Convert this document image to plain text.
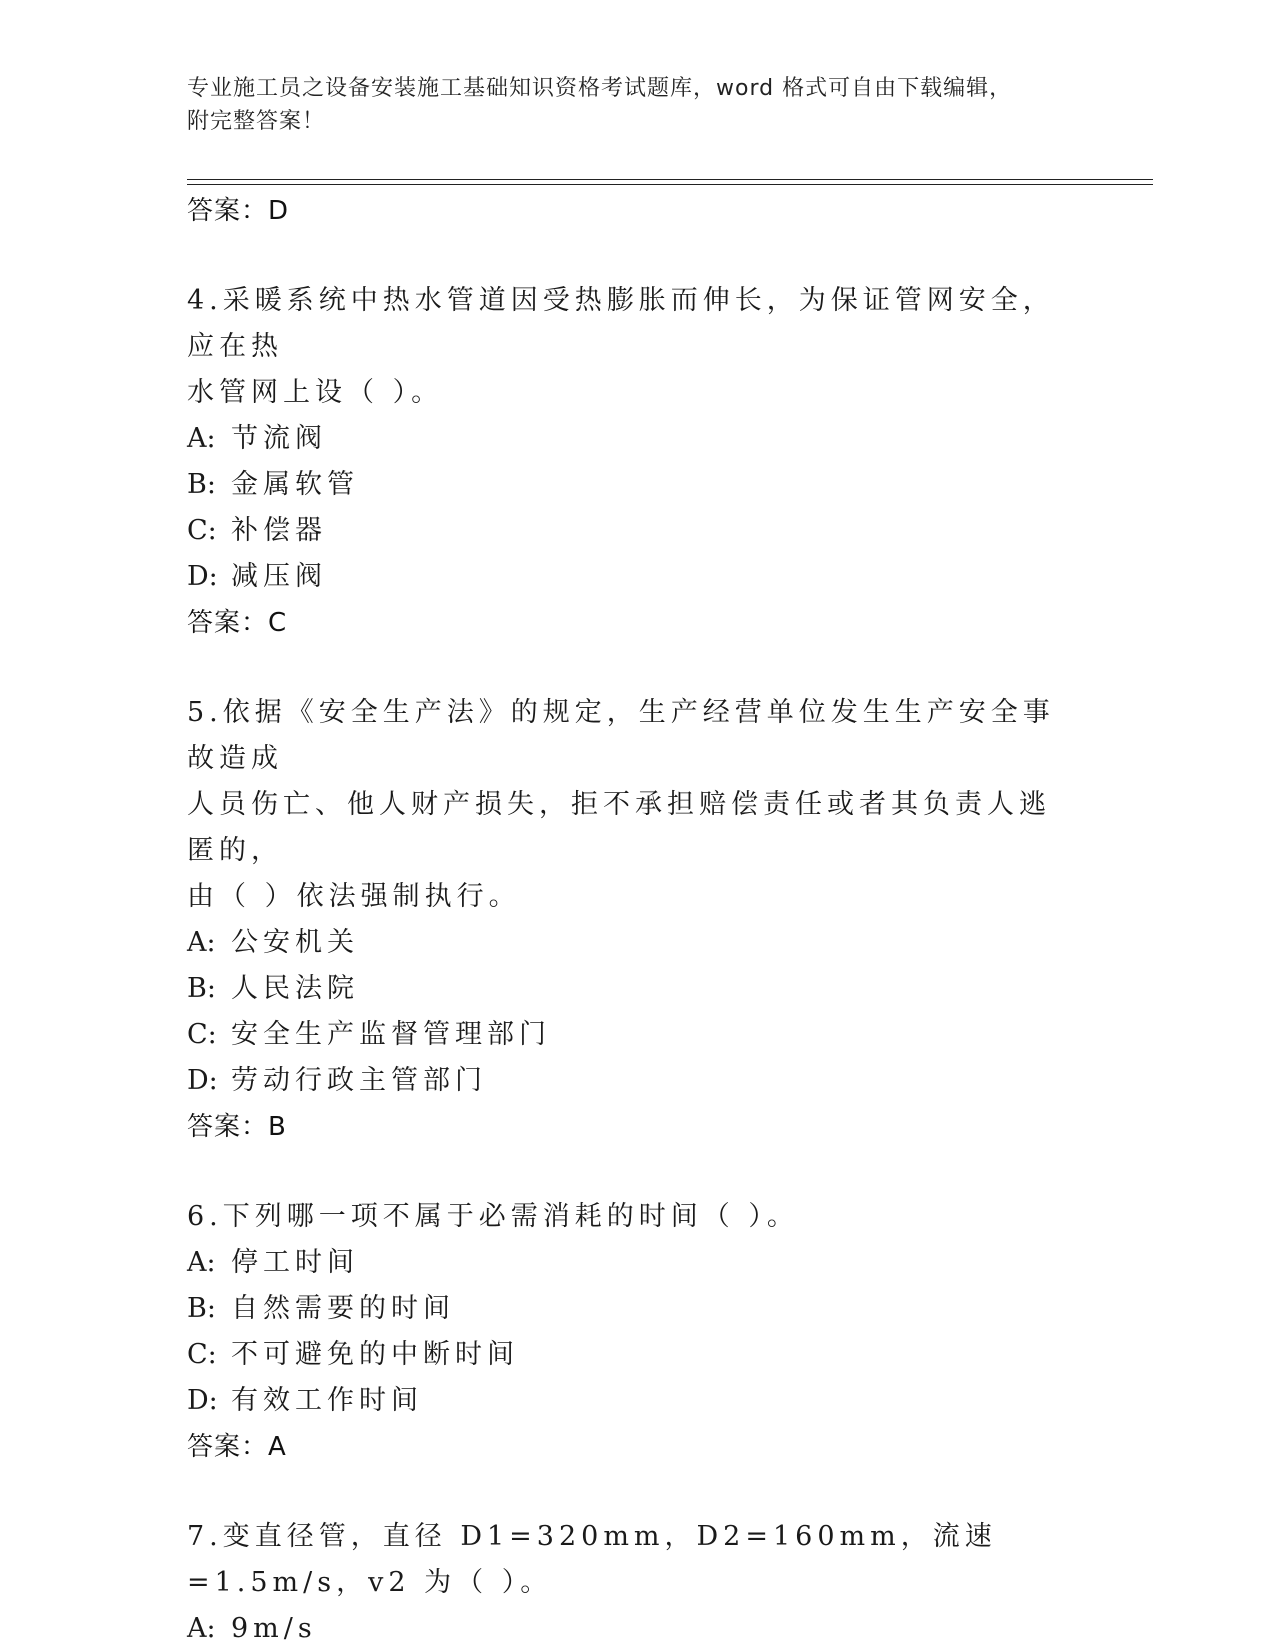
专业施工员之设备安装施工基础知识资格考试题库，word 格式可自由下载编辑，
附完整答案！
答案：D
4.采暖系统中热水管道因受热膨胀而伸长，为保证管网安全，应在热
水管网上设（ ）。
A: 节流阀
B: 金属软管
C: 补偿器
D: 减压阀
答案：C
5.依据《安全生产法》的规定，生产经营单位发生生产安全事故造成
人员伤亡、他人财产损失，拒不承担赔偿责任或者其负责人逃匿的，
由（ ）依法强制执行。
A: 公安机关
B: 人民法院
C: 安全生产监督管理部门
D: 劳动行政主管部门
答案：B
6.下列哪一项不属于必需消耗的时间（ ）。
A: 停工时间
B: 自然需要的时间
C: 不可避免的中断时间
D: 有效工作时间
答案：A
7.变直径管，直径 D1=320mm，D2=160mm，流速=1.5m/s，v2 为（ ）。
A: 9m/s
